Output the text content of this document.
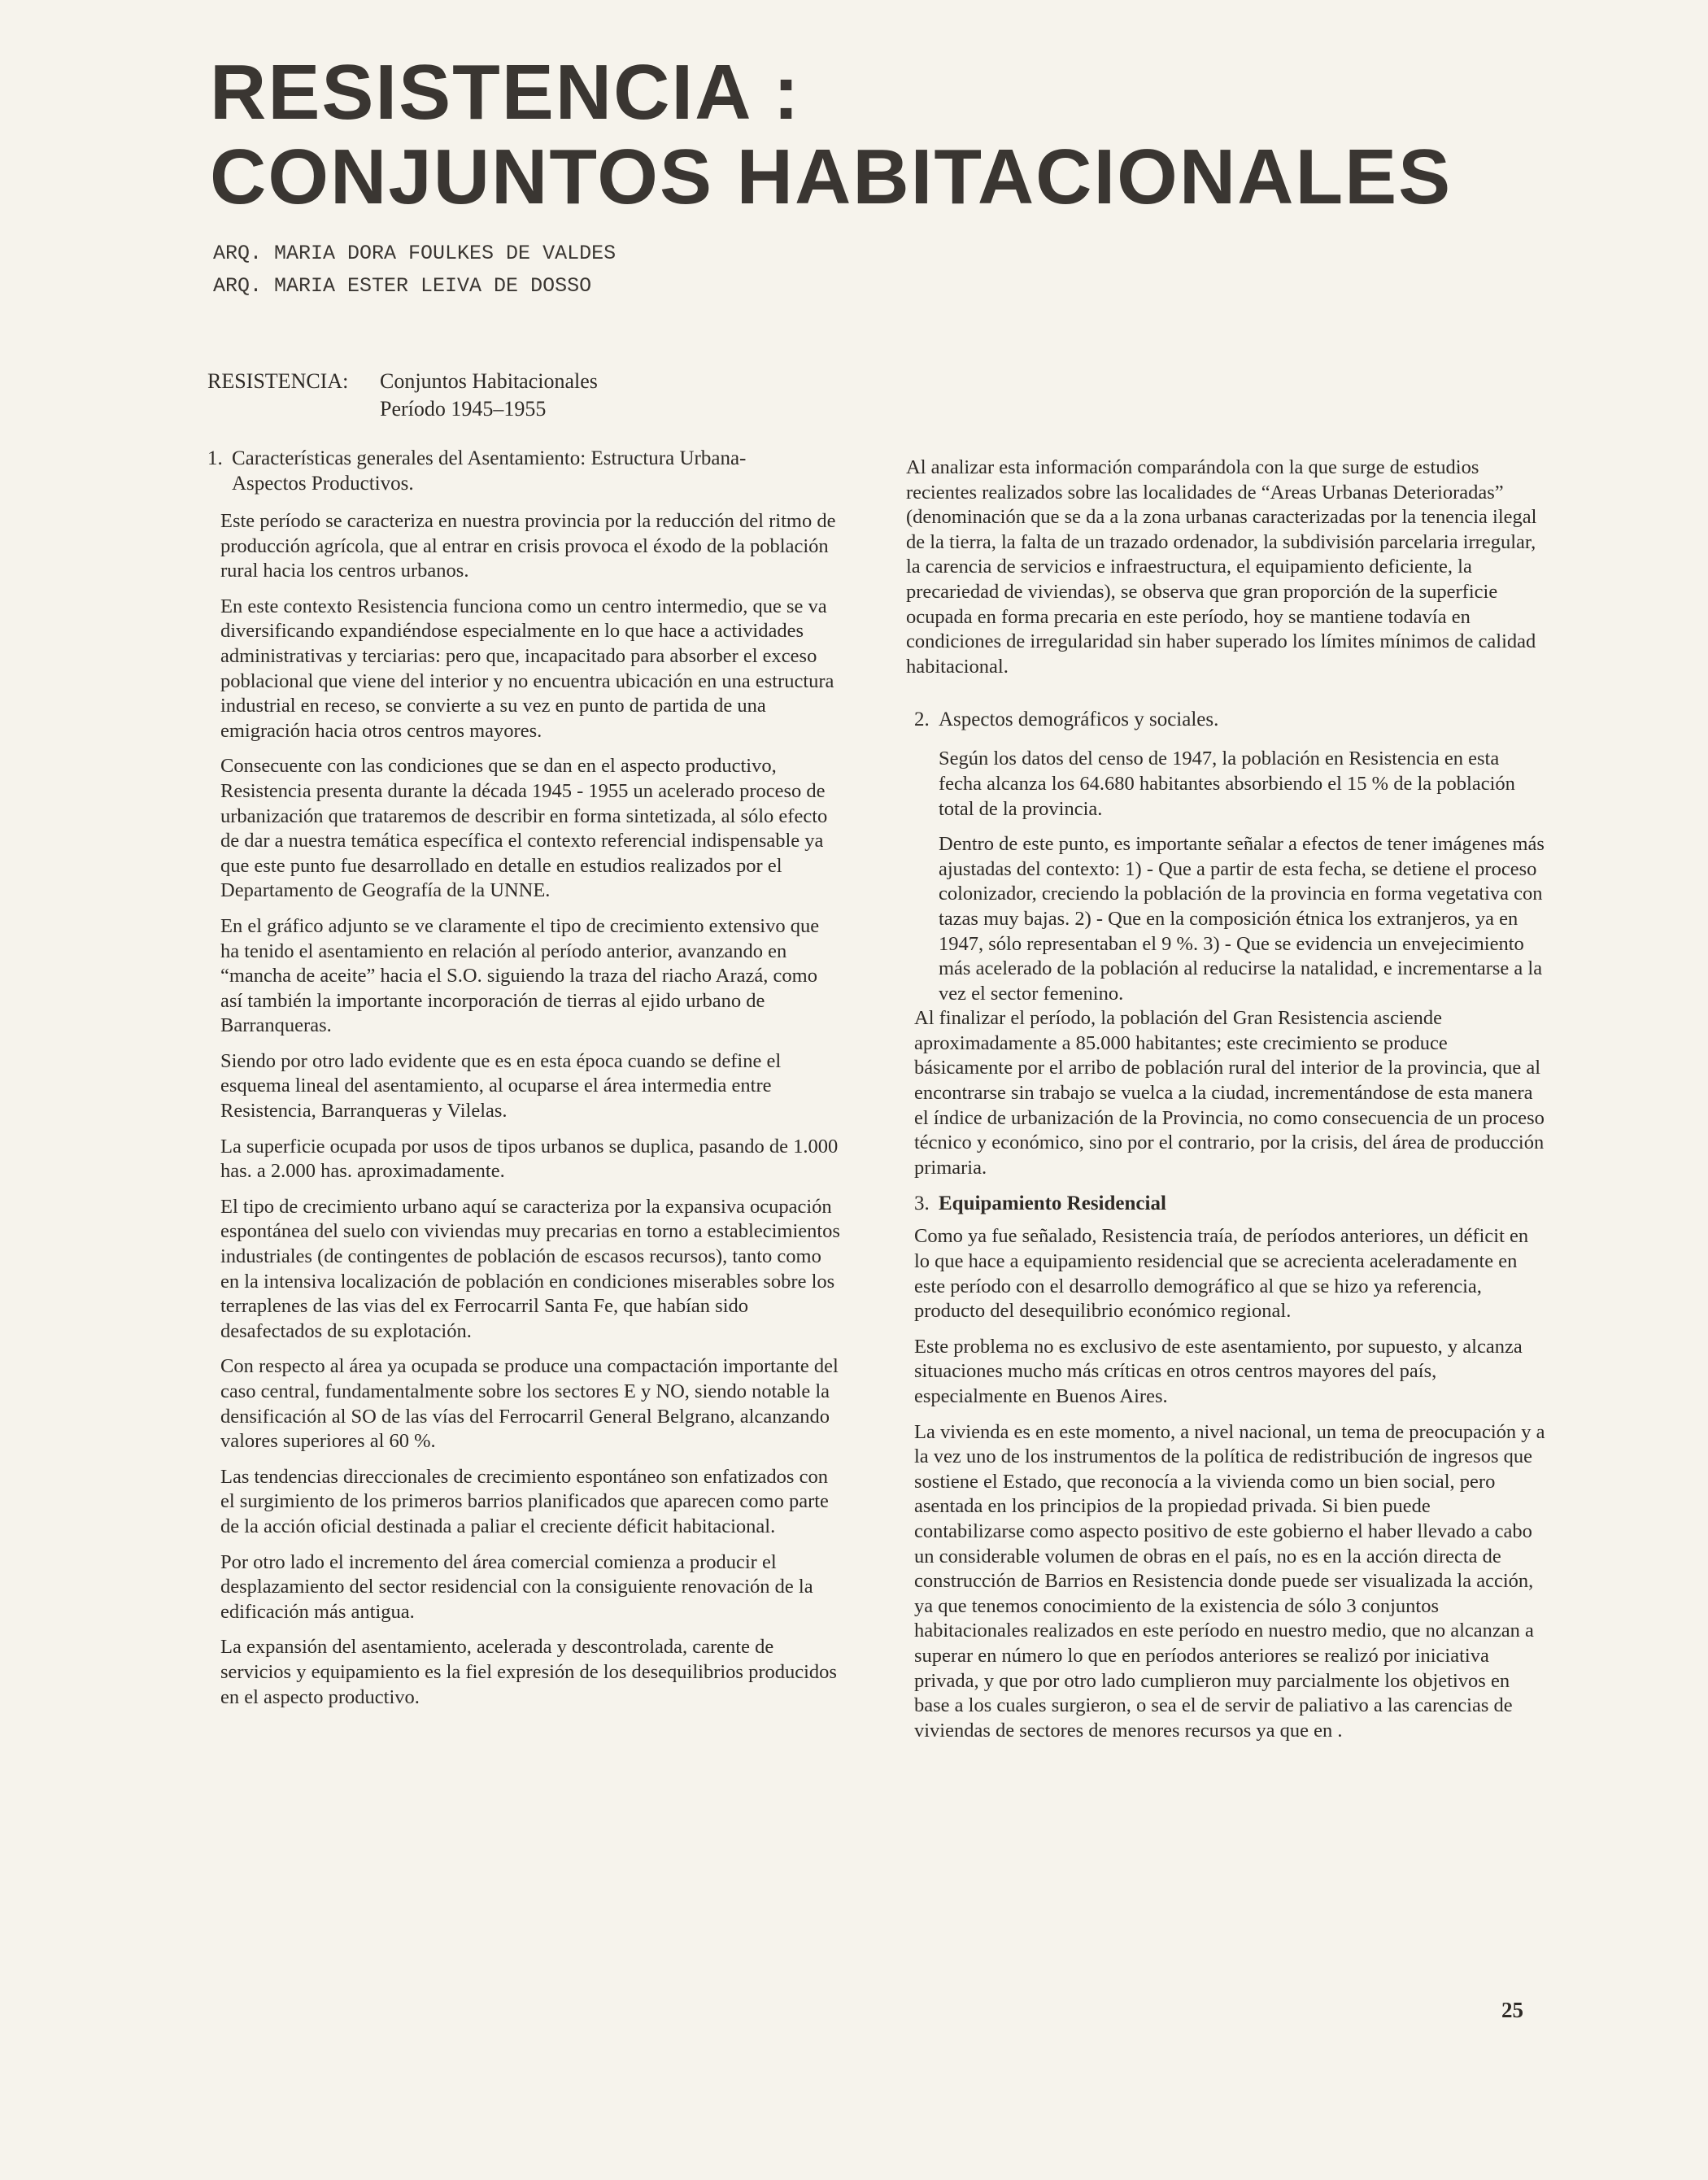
RESISTENCIA :
CONJUNTOS HABITACIONALES
ARQ. MARIA DORA FOULKES DE VALDES
ARQ. MARIA ESTER LEIVA DE DOSSO
RESISTENCIA: Conjuntos Habitacionales
Período 1945–1955
1. Características generales del Asentamiento: Estructura Urbana-
Aspectos Productivos.

Este período se caracteriza en nuestra provincia por la reducción del ritmo de producción agrícola, que al entrar en crisis provoca el éxodo de la población rural hacia los centros urbanos.

En este contexto Resistencia funciona como un centro intermedio, que se va diversificando expandiéndose especialmente en lo que hace a actividades administrativas y terciarias: pero que, incapacitado para absorber el exceso poblacional que viene del interior y no encuentra ubicación en una estructura industrial en receso, se convierte a su vez en punto de partida de una emigración hacia otros centros mayores.

Consecuente con las condiciones que se dan en el aspecto productivo, Resistencia presenta durante la década 1945 - 1955 un acelerado proceso de urbanización que trataremos de describir en forma sintetizada, al sólo efecto de dar a nuestra temática específica el contexto referencial indispensable ya que este punto fue desarrollado en detalle en estudios realizados por el Departamento de Geografía de la UNNE.

En el gráfico adjunto se ve claramente el tipo de crecimiento extensivo que ha tenido el asentamiento en relación al período anterior, avanzando en “mancha de aceite” hacia el S.O. siguiendo la traza del riacho Arazá, como así también la importante incorporación de tierras al ejido urbano de Barranqueras.

Siendo por otro lado evidente que es en esta época cuando se define el esquema lineal del asentamiento, al ocuparse el área intermedia entre Resistencia, Barranqueras y Vilelas.

La superficie ocupada por usos de tipos urbanos se duplica, pasando de 1.000 has. a 2.000 has. aproximadamente.

El tipo de crecimiento urbano aquí se caracteriza por la expansiva ocupación espontánea del suelo con viviendas muy precarias en torno a establecimientos industriales (de contingentes de población de escasos recursos), tanto como en la intensiva localización de población en condiciones miserables sobre los terraplenes de las vias del ex Ferrocarril Santa Fe, que habían sido desafectados de su explotación.

Con respecto al área ya ocupada se produce una compactación importante del caso central, fundamentalmente sobre los sectores E y NO, siendo notable la densificación al SO de las vías del Ferrocarril General Belgrano, alcanzando valores superiores al 60 %.

Las tendencias direccionales de crecimiento espontáneo son enfatizados con el surgimiento de los primeros barrios planificados que aparecen como parte de la acción oficial destinada a paliar el creciente déficit habitacional.

Por otro lado el incremento del área comercial comienza a producir el desplazamiento del sector residencial con la consiguiente renovación de la edificación más antigua.

La expansión del asentamiento, acelerada y descontrolada, carente de servicios y equipamiento es la fiel expresión de los desequilibrios producidos en el aspecto productivo.

Al analizar esta información comparándola con la que surge de estudios recientes realizados sobre las localidades de “Areas Urbanas Deterioradas” (denominación que se da a la zona urbanas caracterizadas por la tenencia ilegal de la tierra, la falta de un trazado ordenador, la subdivisión parcelaria irregular, la carencia de servicios e infraestructura, el equipamiento deficiente, la precariedad de viviendas), se observa que gran proporción de la superficie ocupada en forma precaria en este período, hoy se mantiene todavía en condiciones de irregularidad sin haber superado los límites mínimos de calidad habitacional.

2. Aspectos demográficos y sociales.

Según los datos del censo de 1947, la población en Resistencia en esta fecha alcanza los 64.680 habitantes absorbiendo el 15 % de la población total de la provincia.

Dentro de este punto, es importante señalar a efectos de tener imágenes más ajustadas del contexto: 1) - Que a partir de esta fecha, se detiene el proceso colonizador, creciendo la población de la provincia en forma vegetativa con tazas muy bajas. 2) - Que en la composición étnica los extranjeros, ya en 1947, sólo representaban el 9 %. 3) - Que se evidencia un envejecimiento más acelerado de la población al reducirse la natalidad, e incrementarse a la vez el sector femenino.

Al finalizar el período, la población del Gran Resistencia asciende aproximadamente a 85.000 habitantes; este crecimiento se produce básicamente por el arribo de población rural del interior de la provincia, que al encontrarse sin trabajo se vuelca a la ciudad, incrementándose de esta manera el índice de urbanización de la Provincia, no como consecuencia de un proceso técnico y económico, sino por el contrario, por la crisis, del área de producción primaria.

3. Equipamiento Residencial

Como ya fue señalado, Resistencia traía, de períodos anteriores, un déficit en lo que hace a equipamiento residencial que se acrecienta aceleradamente en este período con el desarrollo demográfico al que se hizo ya referencia, producto del desequilibrio económico regional.

Este problema no es exclusivo de este asentamiento, por supuesto, y alcanza situaciones mucho más críticas en otros centros mayores del país, especialmente en Buenos Aires.

La vivienda es en este momento, a nivel nacional, un tema de preocupación y a la vez uno de los instrumentos de la política de redistribución de ingresos que sostiene el Estado, que reconocía a la vivienda como un bien social, pero asentada en los principios de la propiedad privada. Si bien puede contabilizarse como aspecto positivo de este gobierno el haber llevado a cabo un considerable volumen de obras en el país, no es en la acción directa de construcción de Barrios en Resistencia donde puede ser visualizada la acción, ya que tenemos conocimiento de la existencia de sólo 3 conjuntos habitacionales realizados en este período en nuestro medio, que no alcanzan a superar en número lo que en períodos anteriores se realizó por iniciativa privada, y que por otro lado cumplieron muy parcialmente los objetivos en base a los cuales surgieron, o sea el de servir de paliativo a las carencias de viviendas de sectores de menores recursos ya que en .

25
